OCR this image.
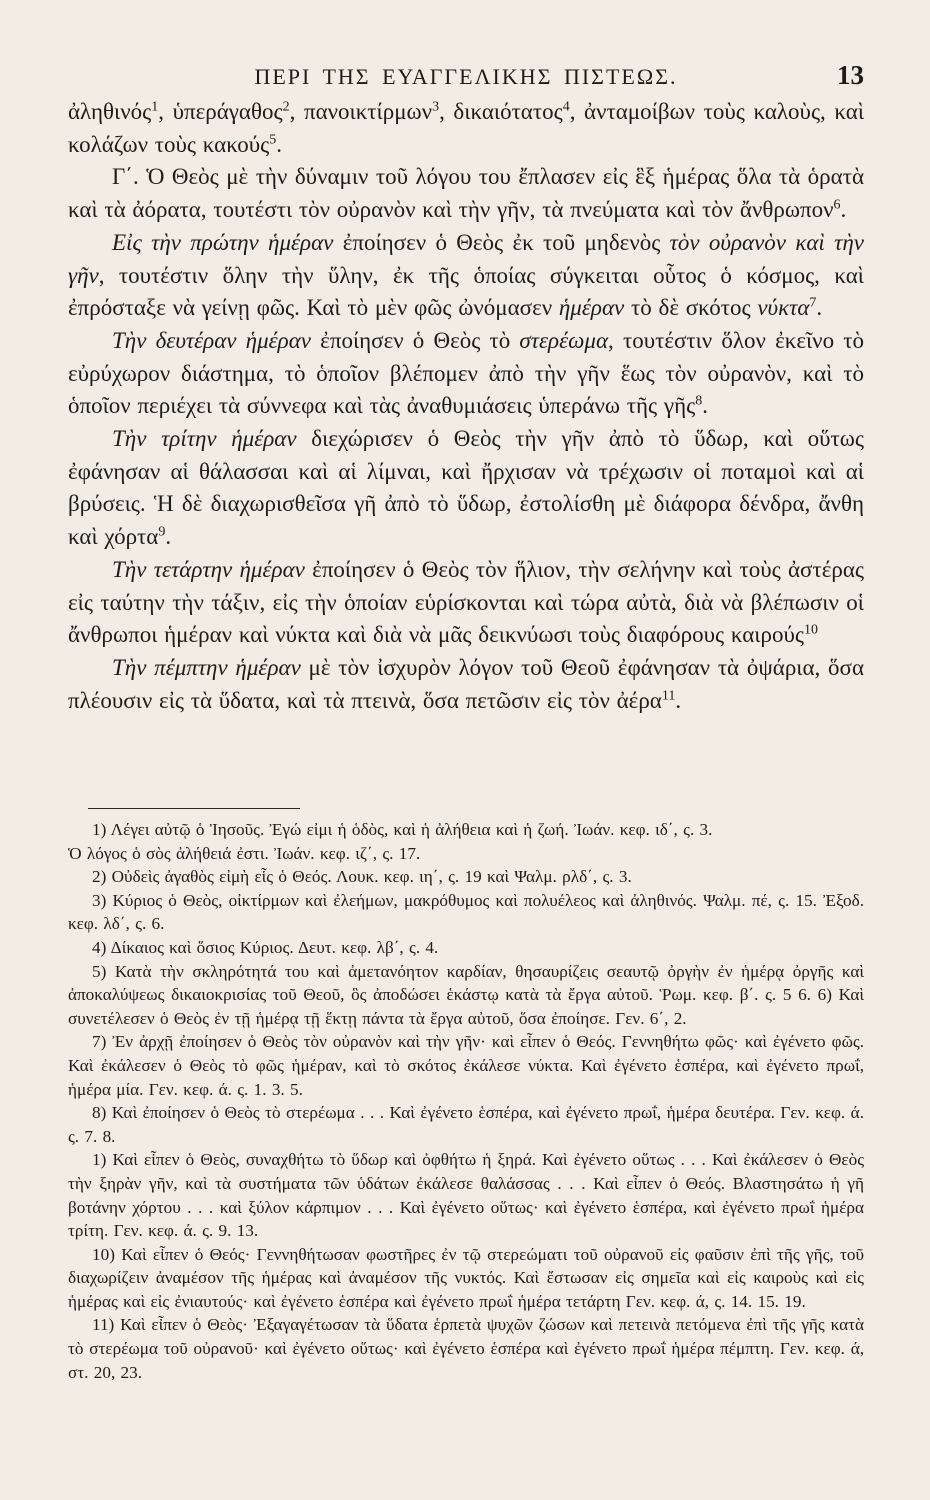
ΠΕΡΙ ΤΗΣ ΕΥΑΓΓΕΛΙΚΗΣ ΠΙΣΤΕΩΣ.	13

ἀληθινός$^1$, ὑπεράγαθος$^2$, πανοικτίρμων$^3$, δικαιότατος$^4$, ἀνταμοίβων τοὺς καλοὺς, καὶ κολάζων τοὺς κακούς$^5$.

Γ΄. Ὁ Θεὸς μὲ τὴν δύναμιν τοῦ λόγου του ἔπλασεν εἰς ἓξ ἡμέρας ὅλα τὰ ὁρατὰ καὶ τὰ ἀόρατα, τουτέστι τὸν οὐρανὸν καὶ τὴν γῆν, τὰ πνεύματα καὶ τὸν ἄνθρωπον$^6$.

Εἰς τὴν πρώτην ἡμέραν ἐποίησεν ὁ Θεὸς ἐκ τοῦ μηδενὸς τὸν οὐρανὸν καὶ τὴν γῆν, τουτέστιν ὅλην τὴν ὕλην, ἐκ τῆς ὁποίας σύγκειται οὗτος ὁ κόσμος, καὶ ἐπρόσταξε νὰ γείνῃ φῶς. Καὶ τὸ μὲν φῶς ὠνόμασεν ἡμέραν τὸ δὲ σκότος νύκτα$^7$.

Τὴν δευτέραν ἡμέραν ἐποίησεν ὁ Θεὸς τὸ στερέωμα, τουτέστιν ὅλον ἐκεῖνο τὸ εὐρύχωρον διάστημα, τὸ ὁποῖον βλέπομεν ἀπὸ τὴν γῆν ἕως τὸν οὐρανὸν, καὶ τὸ ὁποῖον περιέχει τὰ σύννεφα καὶ τὰς ἀναθυμιάσεις ὑπεράνω τῆς γῆς$^8$.

Τὴν τρίτην ἡμέραν διεχώρισεν ὁ Θεὸς τὴν γῆν ἀπὸ τὸ ὕδωρ, καὶ οὕτως ἐφάνησαν αἱ θάλασσαι καὶ αἱ λίμναι, καὶ ἤρχισαν νὰ τρέχωσιν οἱ ποταμοὶ καὶ αἱ βρύσεις. Ἡ δὲ διαχωρισθεῖσα γῆ ἀπὸ τὸ ὕδωρ, ἐστολίσθη μὲ διάφορα δένδρα, ἄνθη καὶ χόρτα$^9$.

Τὴν τετάρτην ἡμέραν ἐποίησεν ὁ Θεὸς τὸν ἥλιον, τὴν σελήνην καὶ τοὺς ἀστέρας εἰς ταύτην τὴν τάξιν, εἰς τὴν ὁποίαν εὑρίσκονται καὶ τώρα αὐτὰ, διὰ νὰ βλέπωσιν οἱ ἄνθρωποι ἡμέραν καὶ νύκτα καὶ διὰ νὰ μᾶς δεικνύωσι τοὺς διαφόρους καιρούς$^{10}$

Τὴν πέμπτην ἡμέραν μὲ τὸν ἰσχυρὸν λόγον τοῦ Θεοῦ ἐφάνησαν τὰ ὀψάρια, ὅσα πλέουσιν εἰς τὰ ὕδατα, καὶ τὰ πτεινὰ, ὅσα πετῶσιν εἰς τὸν ἀέρα$^{11}$.

1) Λέγει αὐτῷ ὁ Ἰησοῦς. Ἐγώ εἰμι ἡ ὁδὸς, καὶ ἡ ἀλήθεια καὶ ἡ ζωή. Ἰωάν. κεφ. ιδ΄, ς. 3.

Ὁ λόγος ὁ σὸς ἀλήθειά ἐστι. Ἰωάν. κεφ. ιζ΄, ς. 17.

2) Οὐδεὶς ἀγαθὸς εἰμὴ εἷς ὁ Θεός. Λουκ. κεφ. ιη΄, ς. 19 καὶ Ψαλμ. ρλδ΄, ς. 3.

3) Κύριος ὁ Θεὸς, οἰκτίρμων καὶ ἐλεήμων, μακρόθυμος καὶ πολυέλεος καὶ ἀληθινός. Ψαλμ. πέ, ς. 15. Ἐξοδ. κεφ. λδ΄, ς. 6.

4) Δίκαιος καὶ ὅσιος Κύριος. Δευτ. κεφ. λβ΄, ς. 4.

5) Κατὰ τὴν σκληρότητά του καὶ ἀμετανόητον καρδίαν, θησαυρίζεις σεαυτῷ ὀργὴν ἐν ἡμέρᾳ ὀργῆς καὶ ἀποκαλύψεως δικαιοκρισίας τοῦ Θεοῦ, ὃς ἀποδώσει ἑκάστῳ κατὰ τὰ ἔργα αὐτοῦ. Ῥωμ. κεφ. β΄. ς. 5 6. 6) Καὶ συνετέλεσεν ὁ Θεὸς ἐν τῇ ἡμέρᾳ τῇ ἕκτῃ πάντα τὰ ἔργα αὐτοῦ, ὅσα ἐποίησε. Γεν. 6΄, 2.

7) Ἐν ἀρχῇ ἐποίησεν ὁ Θεὸς τὸν οὐρανὸν καὶ τὴν γῆν· καὶ εἶπεν ὁ Θεός. Γεννηθήτω φῶς· καὶ ἐγένετο φῶς. Καὶ ἐκάλεσεν ὁ Θεὸς τὸ φῶς ἡμέραν, καὶ τὸ σκότος ἐκάλεσε νύκτα. Καὶ ἐγένετο ἑσπέρα, καὶ ἐγένετο πρωΐ, ἡμέρα μία. Γεν. κεφ. ά. ς. 1. 3. 5.

8) Καὶ ἐποίησεν ὁ Θεὸς τὸ στερέωμα . . . Καὶ ἐγένετο ἑσπέρα, καὶ ἐγένετο πρωΐ, ἡμέρα δευτέρα. Γεν. κεφ. ά. ς. 7. 8.

1) Καὶ εἶπεν ὁ Θεὸς, συναχθήτω τὸ ὕδωρ καὶ ὀφθήτω ἡ ξηρά. Καὶ ἐγένετο οὕτως . . . Καὶ ἐκάλεσεν ὁ Θεὸς τὴν ξηρὰν γῆν, καὶ τὰ συστήματα τῶν ὑδάτων ἐκάλεσε θαλάσσας . . . Καὶ εἶπεν ὁ Θεός. Βλαστησάτω ἡ γῆ βοτάνην χόρτου . . . καὶ ξύλον κάρπιμον . . . Καὶ ἐγένετο οὕτως· καὶ ἐγένετο ἑσπέρα, καὶ ἐγένετο πρωΐ ἡμέρα τρίτη. Γεν. κεφ. ά. ς. 9. 13.

10) Καὶ εἶπεν ὁ Θεός· Γεννηθήτωσαν φωστῆρες ἐν τῷ στερεώματι τοῦ οὐρανοῦ εἰς φαῦσιν ἐπὶ τῆς γῆς, τοῦ διαχωρίζειν ἀναμέσον τῆς ἡμέρας καὶ ἀναμέσον τῆς νυκτός. Καὶ ἔστωσαν εἰς σημεῖα καὶ εἰς καιροὺς καὶ εἰς ἡμέρας καὶ εἰς ἐνιαυτούς· καὶ ἐγένετο ἑσπέρα καὶ ἐγένετο πρωΐ ἡμέρα τετάρτη Γεν. κεφ. ά, ς. 14. 15. 19.

11) Καὶ εἶπεν ὁ Θεὸς· Ἐξαγαγέτωσαν τὰ ὕδατα ἑρπετὰ ψυχῶν ζώσων καὶ πετεινὰ πετόμενα ἐπὶ τῆς γῆς κατὰ τὸ στερέωμα τοῦ οὐρανοῦ· καὶ ἐγένετο οὕτως· καὶ ἐγένετο ἑσπέρα καὶ ἐγένετο πρωΐ ἡμέρα πέμπτη. Γεν. κεφ. ά, στ. 20, 23.
